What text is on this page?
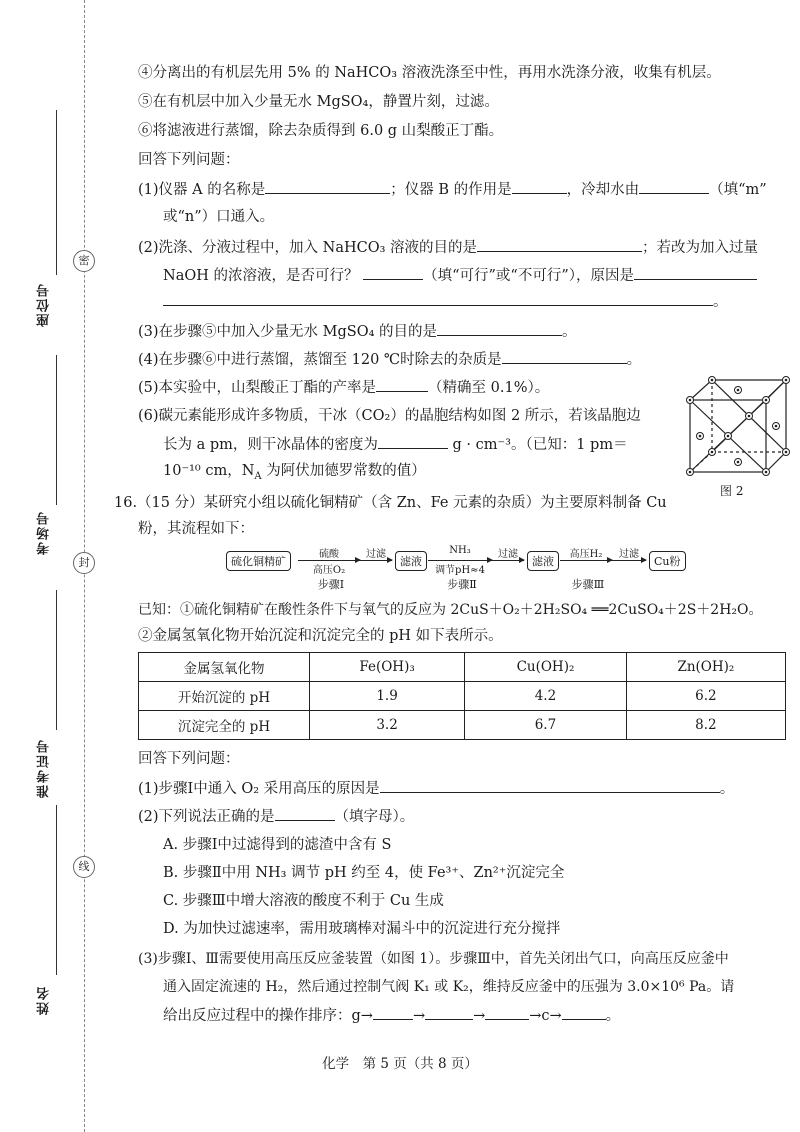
密
封
线
座位号
考场号
准考证号
姓名
④分离出的有机层先用 5% 的 NaHCO₃ 溶液洗涤至中性，再用水洗涤分液，收集有机层。
⑤在有机层中加入少量无水 MgSO₄，静置片刻，过滤。
⑥将滤液进行蒸馏，除去杂质得到 6.0 g 山梨酸正丁酯。
回答下列问题：
(1)仪器 A 的名称是	；仪器 B 的作用是	，冷却水由	（填“m”
或“n”）口通入。
(2)洗涤、分液过程中，加入 NaHCO₃ 溶液的目的是	；若改为加入过量
NaOH 的浓溶液，是否可行？	（填“可行”或“不可行”），原因是
。
(3)在步骤⑤中加入少量无水 MgSO₄ 的目的是	。
(4)在步骤⑥中进行蒸馏，蒸馏至 120 ℃时除去的杂质是	。
(5)本实验中，山梨酸正丁酯的产率是	（精确至 0.1%）。
(6)碳元素能形成许多物质，干冰（CO₂）的晶胞结构如图 2 所示，若该晶胞边
长为 a pm，则干冰晶体的密度为	g · cm⁻³。（已知：1 pm＝
10⁻¹⁰ cm，$N_A$ 为阿伏加德罗常数的值）
图 2
16.（15 分）某研究小组以硫化铜精矿（含 Zn、Fe 元素的杂质）为主要原料制备 Cu
粉，其流程如下：
硫化铜精矿
硫酸
高压O₂
步骤Ⅰ
过滤
滤液
NH₃
调节pH≈4
步骤Ⅱ
过滤
滤液
高压H₂
步骤Ⅲ
过滤
Cu粉
已知：①硫化铜精矿在酸性条件下与氧气的反应为 2CuS＋O₂＋2H₂SO₄ ══2CuSO₄＋2S＋2H₂O。
②金属氢氧化物开始沉淀和沉淀完全的 pH 如下表所示。
金属氢氧化物	Fe(OH)₃	Cu(OH)₂	Zn(OH)₂
开始沉淀的 pH	1.9	4.2	6.2
沉淀完全的 pH	3.2	6.7	8.2
回答下列问题：
(1)步骤Ⅰ中通入 O₂ 采用高压的原因是	。
(2)下列说法正确的是	（填字母）。
A. 步骤Ⅰ中过滤得到的滤渣中含有 S
B. 步骤Ⅱ中用 NH₃ 调节 pH 约至 4，使 Fe³⁺、Zn²⁺沉淀完全
C. 步骤Ⅲ中增大溶液的酸度不利于 Cu 生成
D. 为加快过滤速率，需用玻璃棒对漏斗中的沉淀进行充分搅拌
(3)步骤Ⅰ、Ⅲ需要使用高压反应釜装置（如图 1）。步骤Ⅲ中，首先关闭出气口，向高压反应釜中
通入固定流速的 H₂，然后通过控制气阀 K₁ 或 K₂，维持反应釜中的压强为 3.0×10⁶ Pa。请
给出反应过程中的操作排序：g→	→	→	→c→	。
化学　第 5 页（共 8 页）
